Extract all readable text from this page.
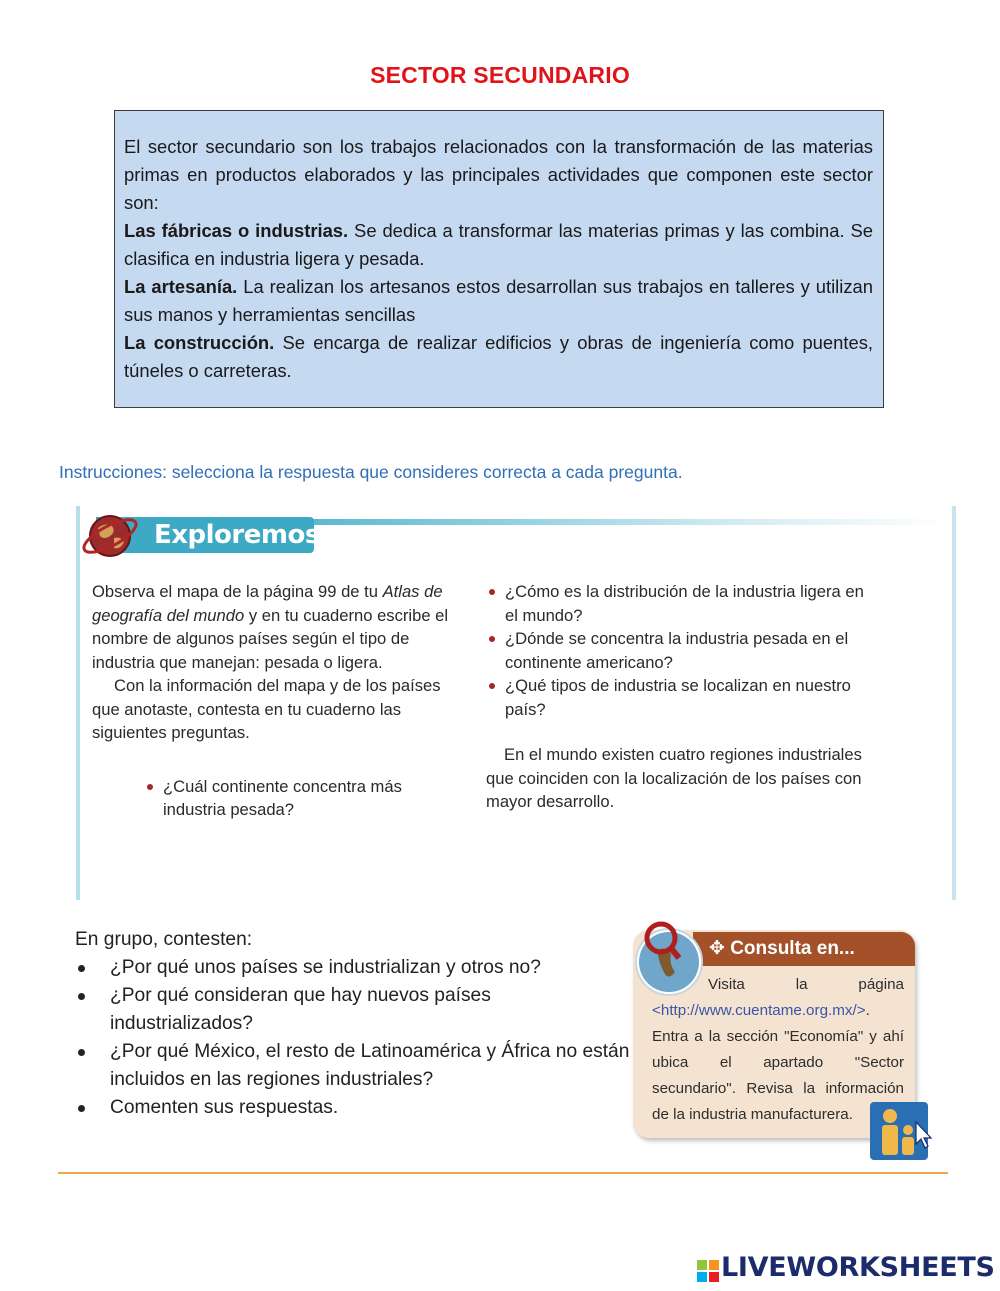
SECTOR SECUNDARIO

El sector secundario son los trabajos relacionados con la transformación de las materias primas en productos elaborados y las principales actividades que componen este sector son:

Las fábricas o industrias. Se dedica a transformar las materias primas y las combina. Se clasifica en industria ligera y pesada.

La artesanía. La realizan los artesanos estos desarrollan sus trabajos en talleres y utilizan sus manos y herramientas sencillas

La construcción. Se encarga de realizar edificios y obras de ingeniería como puentes, túneles o carreteras.

Instrucciones: selecciona la respuesta que consideres correcta a cada pregunta.
Exploremos

Observa el mapa de la página 99 de tu Atlas de geografía del mundo y en tu cuaderno escribe el nombre de algunos países según el tipo de industria que manejan: pesada o ligera.

Con la información del mapa y de los países que anotaste, contesta en tu cuaderno las siguientes preguntas.

¿Cuál continente concentra más industria pesada?
¿Cómo es la distribución de la industria ligera en el mundo?
¿Dónde se concentra la industria pesada en el continente americano?
¿Qué tipos de industria se localizan en nuestro país?

En el mundo existen cuatro regiones industriales que coinciden con la localización de los países con mayor desarrollo.

En grupo, contesten:

¿Por qué unos países se industrializan y otros no?
¿Por qué consideran que hay nuevos países industrializados?
¿Por qué México, el resto de Latinoamérica y África no están incluidos en las regiones industriales?
Comenten sus respuestas.
✥ Consulta en...
Visita la página <http://www.cuentame.org.mx/>. Entra a la sección "Economía" y ahí ubica el apartado "Sector secundario". Revisa la información de la industria manufacturera.
LIVEWORKSHEETS
